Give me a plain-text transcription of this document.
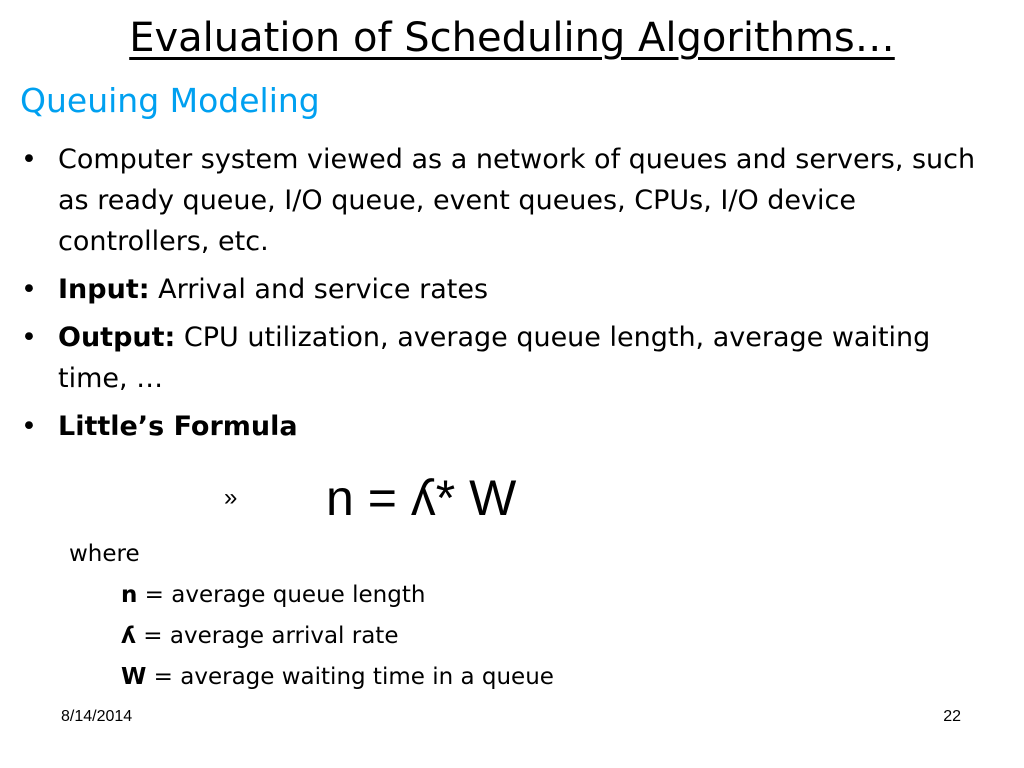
Evaluation of Scheduling Algorithms…
Queuing Modeling
• Computer system viewed as a network of queues and servers, such as ready queue, I/O queue, event queues, CPUs, I/O device controllers, etc.
• Input: Arrival and service rates
• Output: CPU utilization, average queue length, average waiting time, …
• Little’s Formula
» n = ʎ* W
where
n = average queue length
ʎ = average arrival rate
W = average waiting time in a queue
8/14/2014	22
